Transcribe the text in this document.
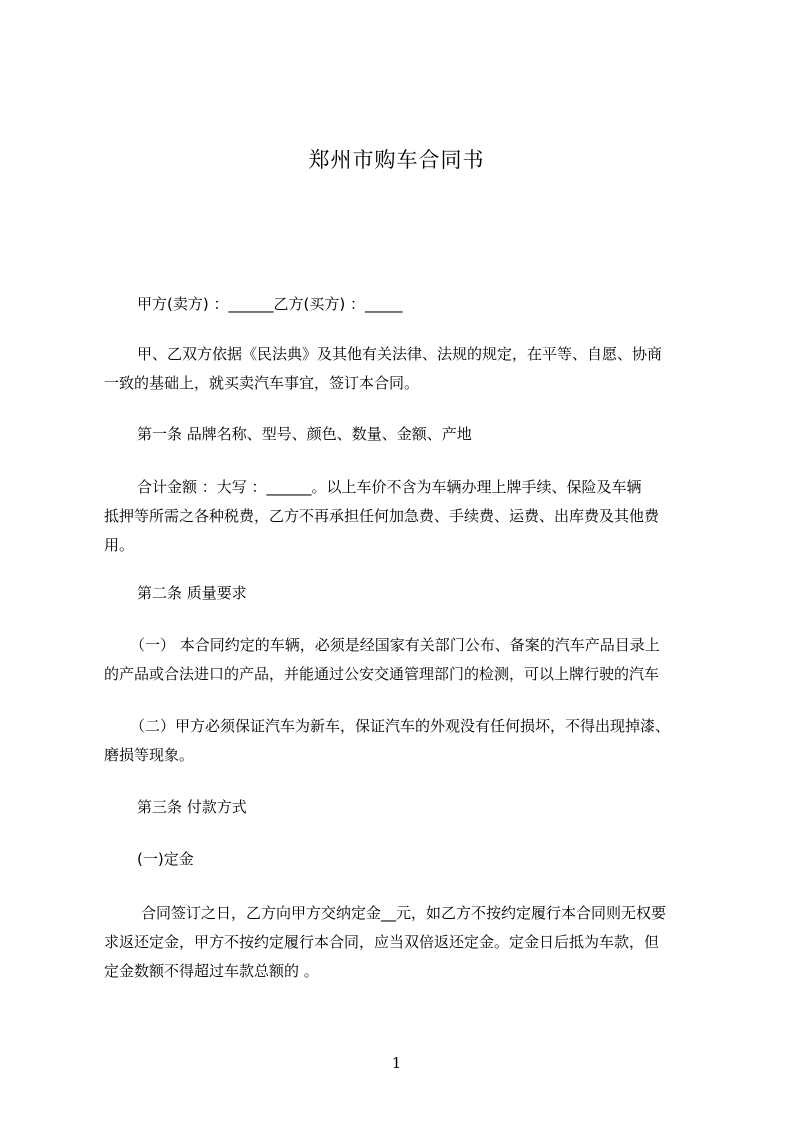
郑州市购车合同书
甲方(卖方) ：______乙方(买方) ：_____
甲、乙双方依据《民法典》及其他有关法律、法规的规定，在平等、自愿、协商
一致的基础上，就买卖汽车事宜，签订本合同。
第一条 品牌名称、型号、颜色、数量、金额、产地
合计金额 ：大写 ：______。以上车价不含为车辆办理上牌手续、保险及车辆
抵押等所需之各种税费，乙方不再承担任何加急费、手续费、运费、出库费及其他费
用。
第二条 质量要求
（一） 本合同约定的车辆，必须是经国家有关部门公布、备案的汽车产品目录上
的产品或合法进口的产品，并能通过公安交通管理部门的检测，可以上牌行驶的汽车
（二）甲方必须保证汽车为新车，保证汽车的外观没有任何损坏，不得出现掉漆、
磨损等现象。
第三条 付款方式
(一)定金
合同签订之日，乙方向甲方交纳定金__元，如乙方不按约定履行本合同则无权要
求返还定金，甲方不按约定履行本合同，应当双倍返还定金。定金日后抵为车款，但
定金数额不得超过车款总额的 。
1
